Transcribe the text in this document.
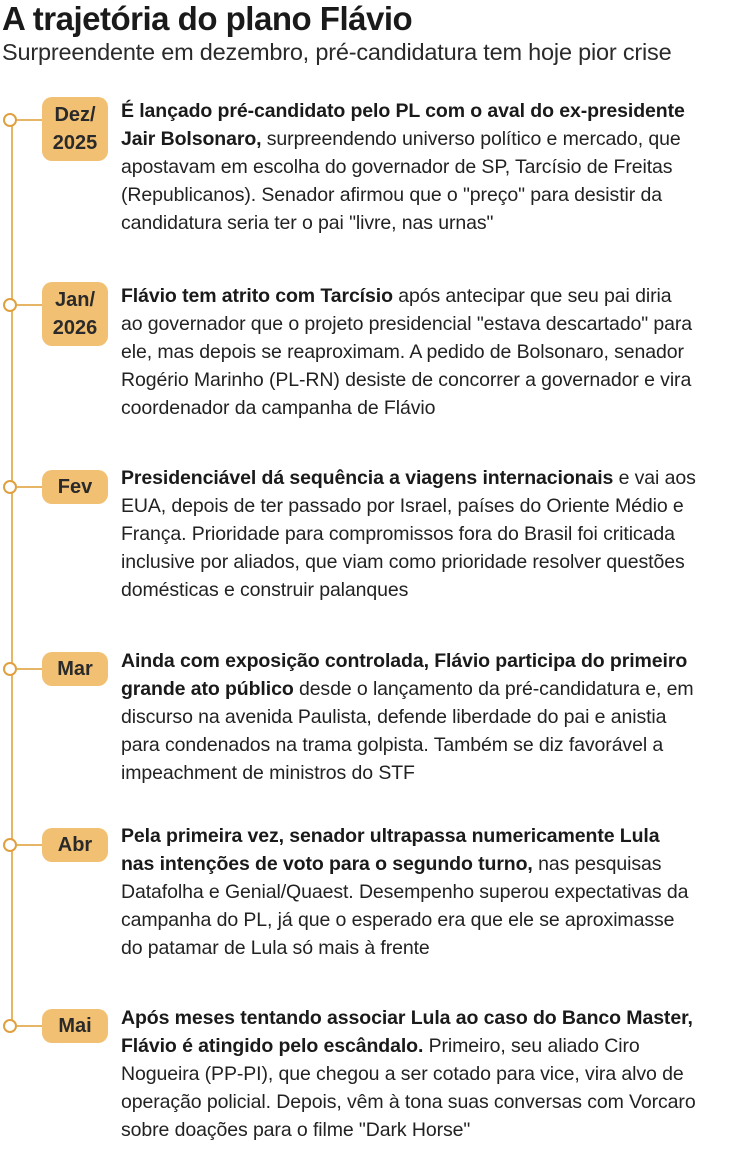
A trajetória do plano Flávio

Surpreendente em dezembro, pré-candidatura tem hoje pior crise

Dez/
2025

É lançado pré-candidato pelo PL com o aval do ex-presidente Jair Bolsonaro, surpreendendo universo político e mercado, que apostavam em escolha do governador de SP, Tarcísio de Freitas (Republicanos). Senador afirmou que o "preço" para desistir da candidatura seria ter o pai "livre, nas urnas"

Jan/
2026

Flávio tem atrito com Tarcísio após antecipar que seu pai diria ao governador que o projeto presidencial "estava descartado" para ele, mas depois se reaproximam. A pedido de Bolsonaro, senador Rogério Marinho (PL-RN) desiste de concorrer a governador e vira coordenador da campanha de Flávio

Fev Presidenciável dá sequência a viagens internacionais e vai aos EUA, depois de ter passado por Israel, países do Oriente Médio e França. Prioridade para compromissos fora do Brasil foi criticada inclusive por aliados, que viam como prioridade resolver questões domésticas e construir palanques

Mar Ainda com exposição controlada, Flávio participa do primeiro grande ato público desde o lançamento da pré-candidatura e, em discurso na avenida Paulista, defende liberdade do pai e anistia para condenados na trama golpista. Também se diz favorável a impeachment de ministros do STF

Abr Pela primeira vez, senador ultrapassa numericamente Lula nas intenções de voto para o segundo turno, nas pesquisas Datafolha e Genial/Quaest. Desempenho superou expectativas da campanha do PL, já que o esperado era que ele se aproximasse do patamar de Lula só mais à frente

Mai Após meses tentando associar Lula ao caso do Banco Master, Flávio é atingido pelo escândalo. Primeiro, seu aliado Ciro Nogueira (PP-PI), que chegou a ser cotado para vice, vira alvo de operação policial. Depois, vêm à tona suas conversas com Vorcaro sobre doações para o filme "Dark Horse"
